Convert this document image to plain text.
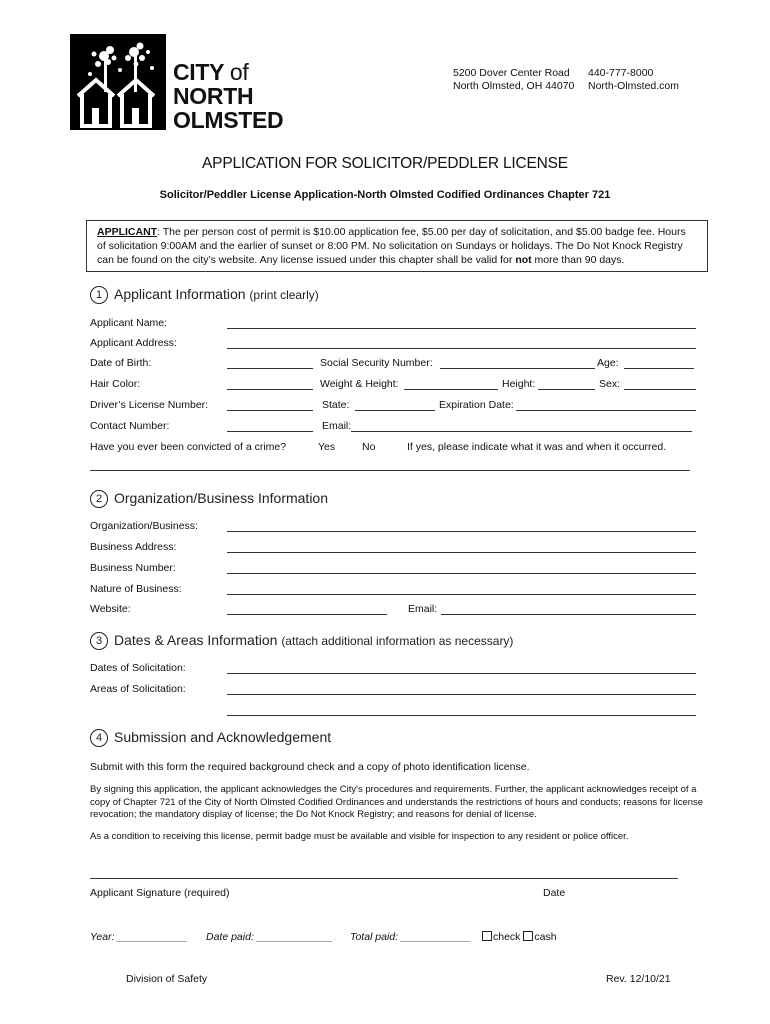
CITY of
NORTH
OLMSTED
5200 Dover Center Road
North Olmsted, OH 44070
440-777-8000
North-Olmsted.com
APPLICATION FOR SOLICITOR/PEDDLER LICENSE
Solicitor/Peddler License Application-North Olmsted Codified Ordinances Chapter 721
APPLICANT: The per person cost of permit is $10.00 application fee, $5.00 per day of solicitation, and $5.00 badge fee. Hours of solicitation 9:00AM and the earlier of sunset or 8:00 PM. No solicitation on Sundays or holidays. The Do Not Knock Registry can be found on the city’s website. Any license issued under this chapter shall be valid for not more than 90 days.
1 Applicant Information (print clearly)
Applicant Name:
Applicant Address:
Date of Birth:	Social Security Number:	Age:
Hair Color:	Weight & Height:	Height:	Sex:
Driver’s License Number:	State:	Expiration Date:
Contact Number:	Email:
Have you ever been convicted of a crime?	Yes	No	If yes, please indicate what it was and when it occurred.
2 Organization/Business Information
Organization/Business:
Business Address:
Business Number:
Nature of Business:
Website:	Email:
3 Dates & Areas Information (attach additional information as necessary)
Dates of Solicitation:
Areas of Solicitation:
4 Submission and Acknowledgement
Submit with this form the required background check and a copy of photo identification license.
By signing this application, the applicant acknowledges the City's procedures and requirements. Further, the applicant acknowledges receipt of a copy of Chapter 721 of the City of North Olmsted Codified Ordinances and understands the restrictions of hours and conducts; reasons for license revocation; the mandatory display of license; the Do Not Knock Registry; and reasons for denial of license.
As a condition to receiving this license, permit badge must be available and visible for inspection to any resident or police officer.
Applicant Signature (required)	Date
Year: ____________ Date paid: _____________ Total paid: ____________	check cash
Division of Safety	Rev. 12/10/21
